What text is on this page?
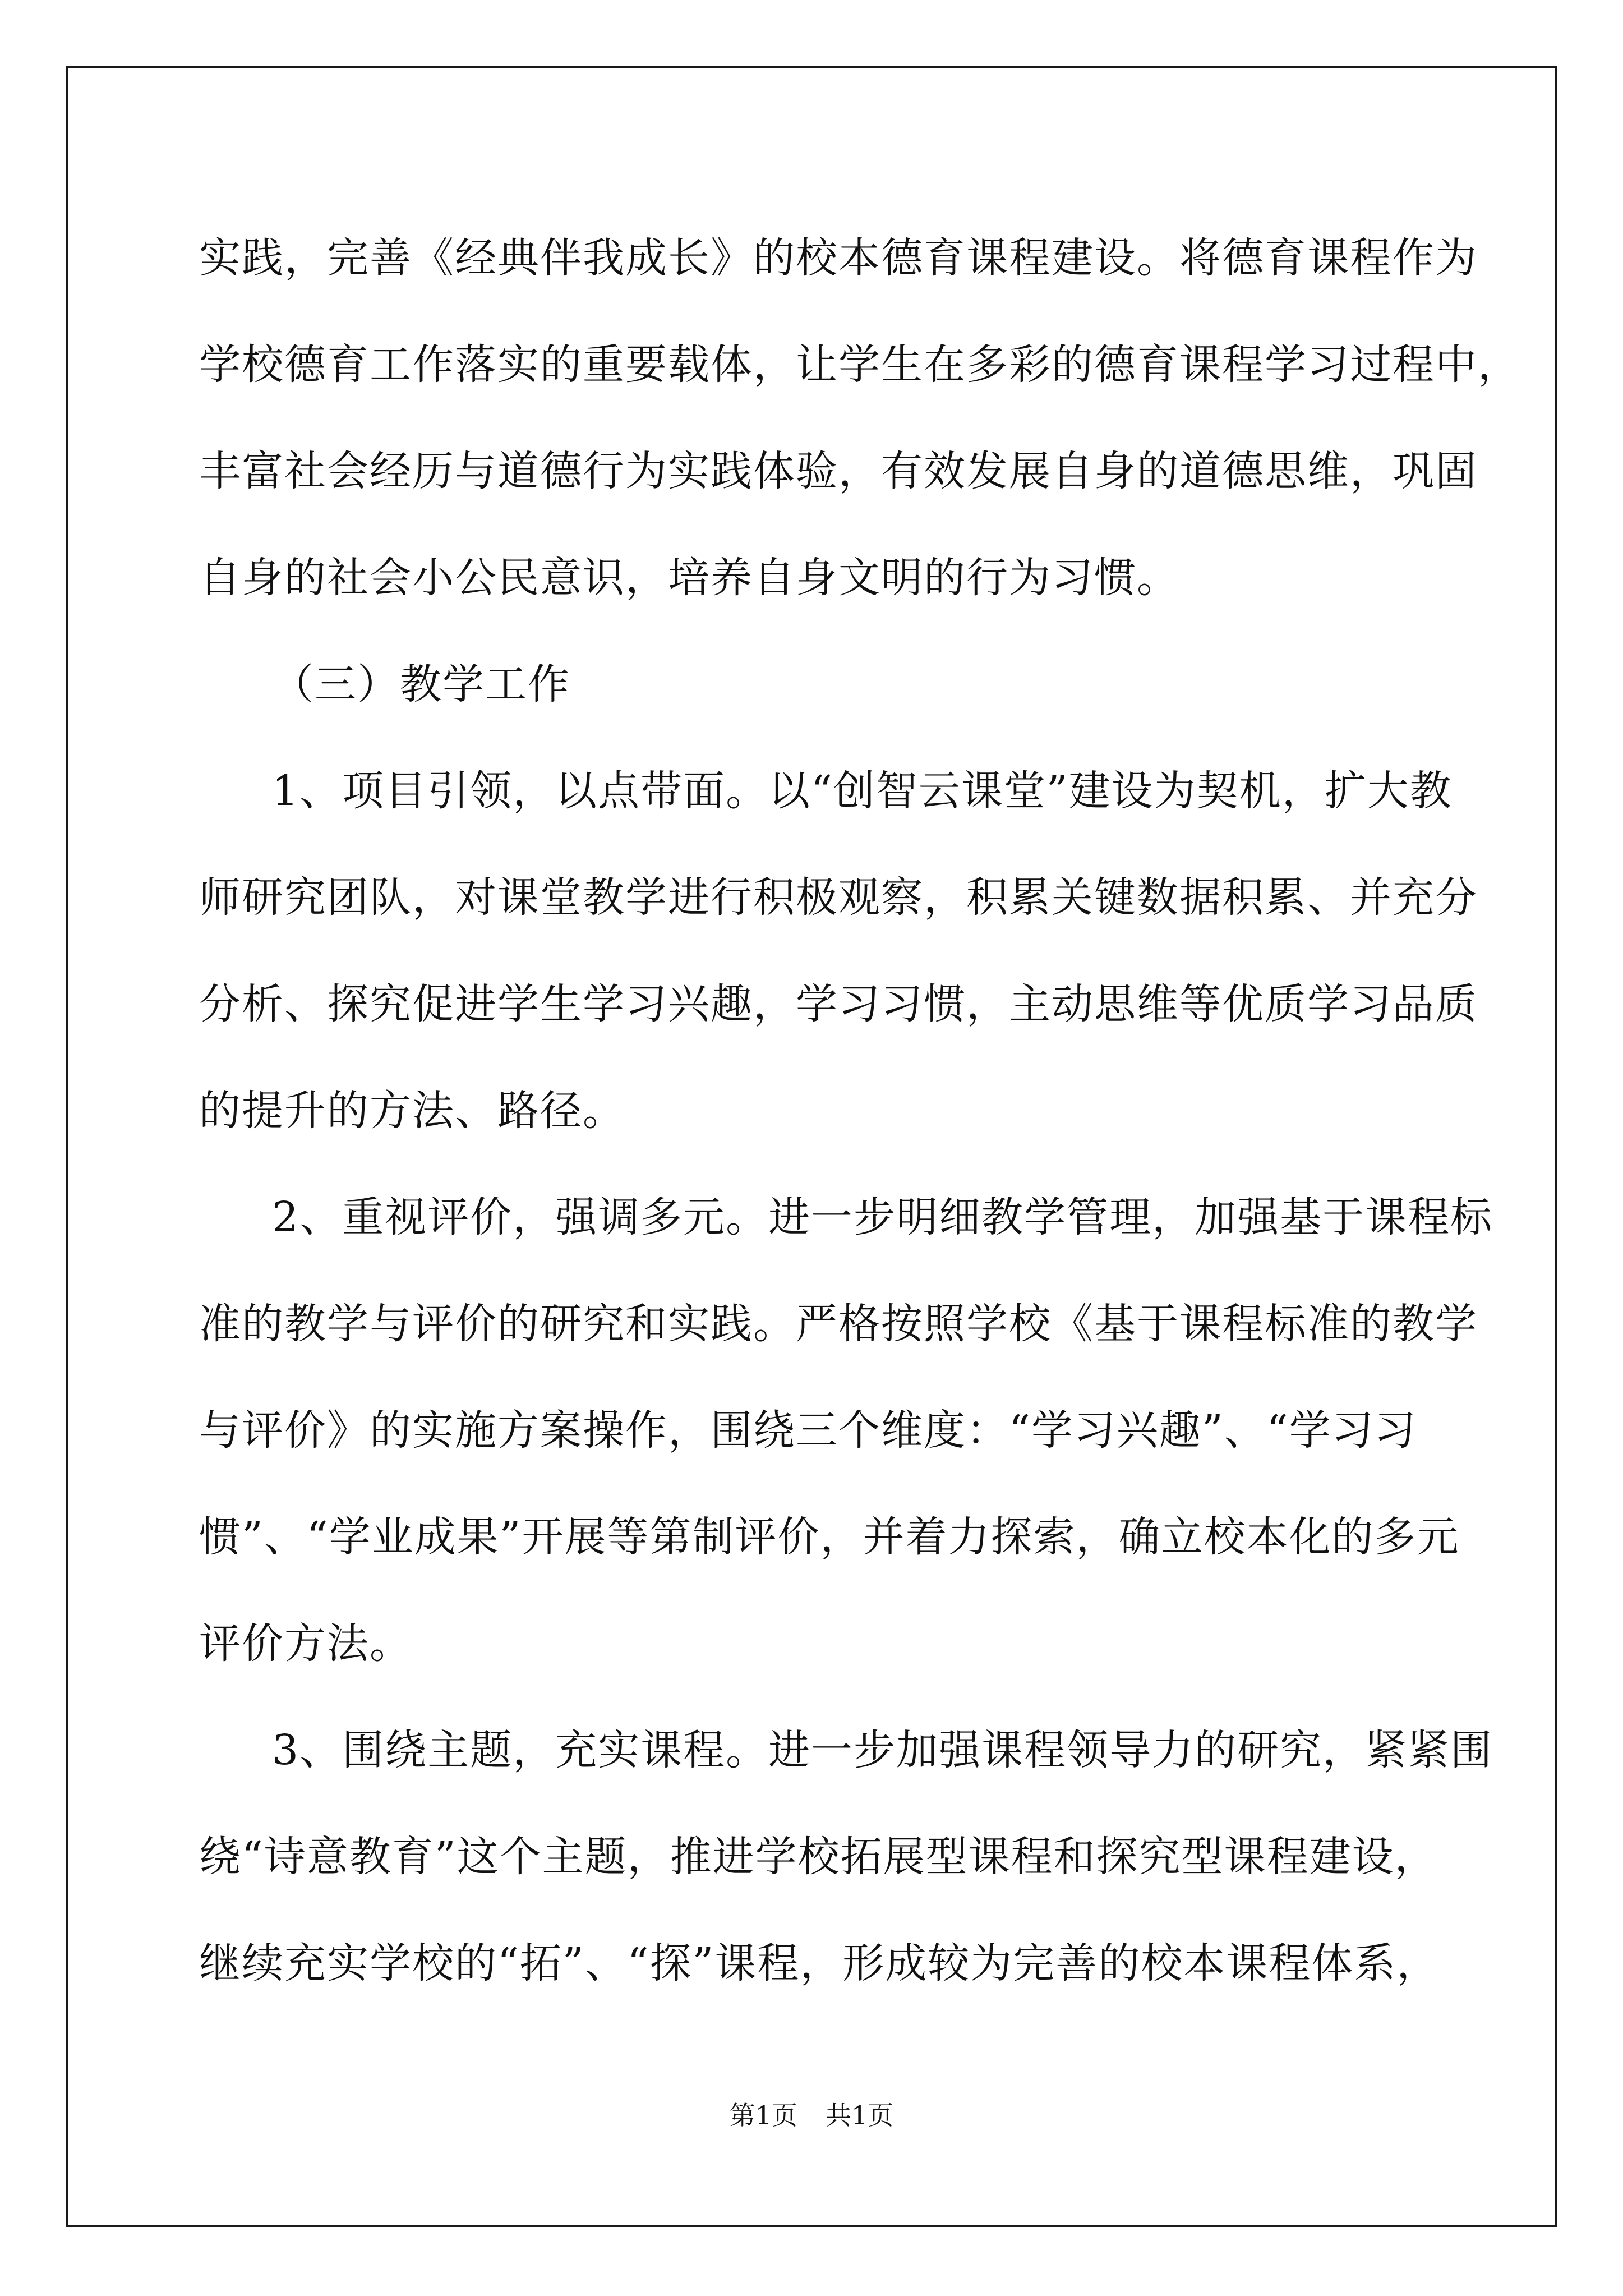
实践，完善《经典伴我成长》的校本德育课程建设。将德育课程作为
学校德育工作落实的重要载体，让学生在多彩的德育课程学习过程中，
丰富社会经历与道德行为实践体验，有效发展自身的道德思维，巩固
自身的社会小公民意识，培养自身文明的行为习惯。
（三）教学工作
1、项目引领，以点带面。以“创智云课堂”建设为契机，扩大教
师研究团队，对课堂教学进行积极观察，积累关键数据积累、并充分
分析、探究促进学生学习兴趣，学习习惯，主动思维等优质学习品质
的提升的方法、路径。
2、重视评价，强调多元。进一步明细教学管理，加强基于课程标
准的教学与评价的研究和实践。严格按照学校《基于课程标准的教学
与评价》的实施方案操作，围绕三个维度：“学习兴趣”、“学习习
惯”、“学业成果”开展等第制评价，并着力探索，确立校本化的多元
评价方法。
3、围绕主题，充实课程。进一步加强课程领导力的研究，紧紧围
绕“诗意教育”这个主题，推进学校拓展型课程和探究型课程建设，
继续充实学校的“拓”、“探”课程，形成较为完善的校本课程体系，
第1页 共1页
